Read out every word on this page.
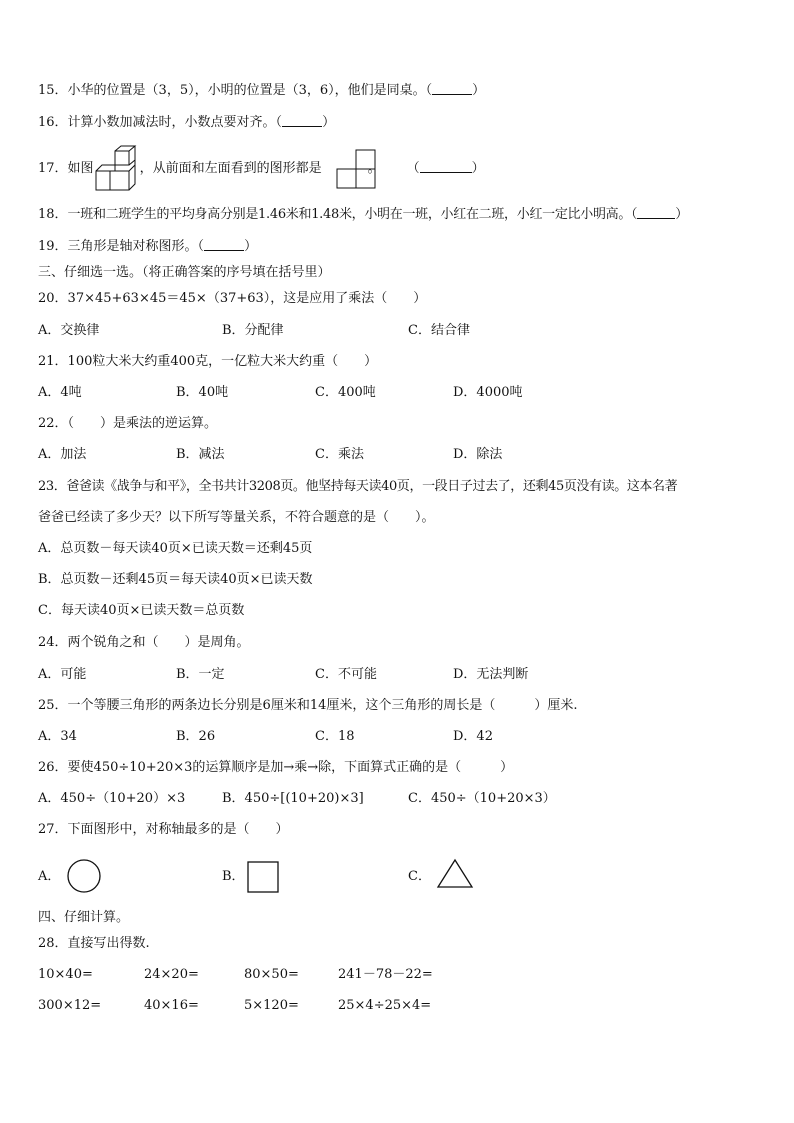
15．小华的位置是（3，5），小明的位置是（3，6），他们是同桌。（	）
16．计算小数加减法时，小数点要对齐。（	）
17．如图	，从前面和左面看到的图形都是	。 （	）
18．一班和二班学生的平均身高分别是1.46米和1.48米，小明在一班，小红在二班，小红一定比小明高。（	）
19．三角形是轴对称图形。（	）
三、仔细选一选。（将正确答案的序号填在括号里）
20．37×45+63×45＝45×（37+63），这是应用了乘法（　　）
A．交换律	B．分配律	C．结合律
21．100粒大米大约重400克，一亿粒大米大约重（　　）
A．4吨	B．40吨	C．400吨	D．4000吨
22．（　　）是乘法的逆运算。
A．加法	B．减法	C．乘法	D．除法
23．爸爸读《战争与和平》，全书共计3208页。他坚持每天读40页，一段日子过去了，还剩45页没有读。这本名著
爸爸已经读了多少天？以下所写等量关系，不符合题意的是（　　）。
A．总页数－每天读40页×已读天数＝还剩45页
B．总页数－还剩45页＝每天读40页×已读天数
C．每天读40页×已读天数＝总页数
24．两个锐角之和（　　）是周角。
A．可能	B．一定	C．不可能	D．无法判断
25．一个等腰三角形的两条边长分别是6厘米和14厘米，这个三角形的周长是（　　　）厘米.
A．34	B．26	C．18	D．42
26．要使450÷10+20×3的运算顺序是加→乘→除，下面算式正确的是（　　　）
A．450÷（10+20）×3	B．450÷[(10+20)×3]	C．450÷（10+20×3）
27．下面图形中，对称轴最多的是（　　）
A．	B．	C．
四、仔细计算。
28．直接写出得数.
10×40=	24×20=	80×50=	241－78－22=
300×12=	40×16=	5×120=	25×4÷25×4=
